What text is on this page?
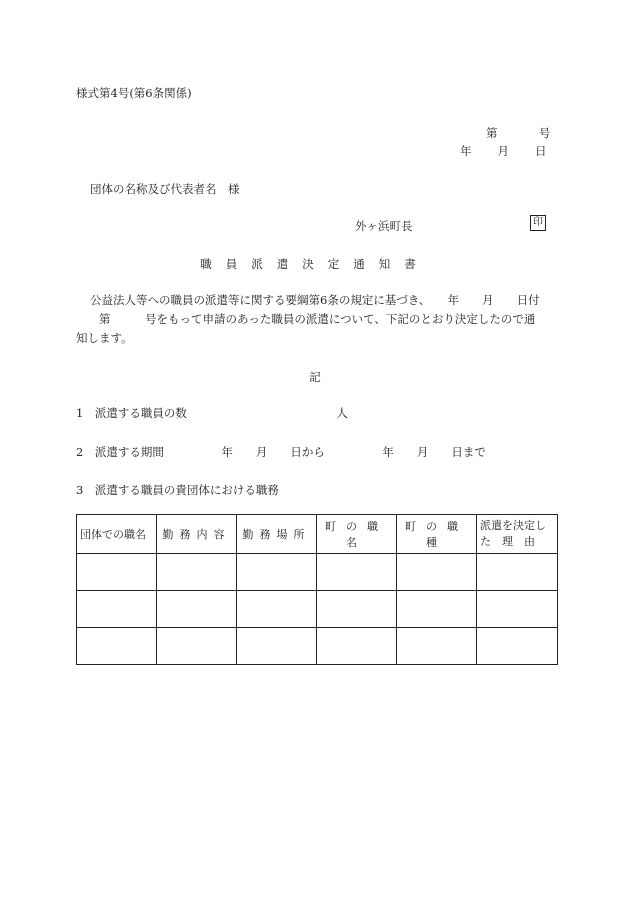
様式第4号(第6条関係)
第	号
年 月 日
団体の名称及び代表者名　様
外ヶ浜町長	印
職員派遣決定通知書

公益法人等への職員の派遣等に関する要綱第6条の規定に基づき、　　年　　月　　日付

　　第　　　号をもって申請のあった職員の派遣について、下記のとおり決定したので通
知します。
記
1　派遣する職員の数　　　　　　　　　　　　　人
2　派遣する期間　　　　　年　　月　　日から　　　　　年　　月　　日まで
3　派遣する職員の貴団体における職務
団体での職名	勤務内容	勤務場所	町の職名	町の職種	派遣を決定し
た　理　由
